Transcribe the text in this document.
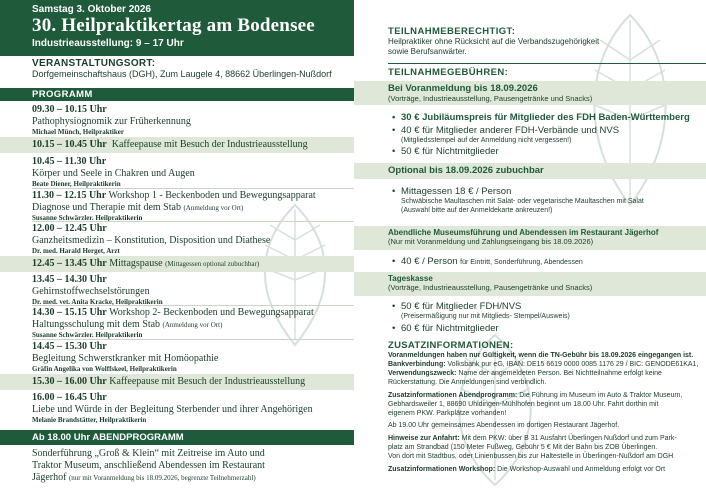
Samstag 3. Oktober 2026
30. Heilpraktikertag am Bodensee
Industrieausstellung: 9 – 17 Uhr
VERANSTALTUNGSORT:
Dorfgemeinschaftshaus (DGH), Zum Laugele 4, 88662 Überlingen-Nußdorf
PROGRAMM
09.30 – 10.15 Uhr
Pathophysiognomik zur Früherkennung
Michael Münch, Heilpraktiker
10.15 – 10.45 Uhr Kaffeepause mit Besuch der Industrieausstellung
10.45 – 11.30 Uhr
Körper und Seele in Chakren und Augen
Beate Diener, Heilpraktikerin
11.30 – 12.15 Uhr Workshop 1 - Beckenboden und Bewegungsapparat
Diagnose und Therapie mit dem Stab (Anmeldung vor Ort)
Susanne Schwärzler. Heilpraktikerin
12.00 – 12.45 Uhr
Ganzheitsmedizin – Konstitution, Disposition und Diathese
Dr. med. Harald Herget, Arzt
12.45 – 13.45 Uhr Mittagspause (Mittagessen optional zubuchbar)
13.45 – 14.30 Uhr
Gehirnstoffwechselstörungen
Dr. med. vet. Anita Kracke, Heilpraktikerin
14.30 – 15.15 Uhr Workshop 2- Beckenboden und Bewegungsapparat
Haltungsschulung mit dem Stab (Anmeldung vor Ort)
Susanne Schwärzler. Heilpraktikerin
14.45 – 15.30 Uhr
Begleitung Schwerstkranker mit Homöopathie
Gräfin Angelika von Wolffskeel, Heilpraktikerin
15.30 – 16.00 Uhr Kaffeepause mit Besuch der Industrieausstellung
16.00 – 16.45 Uhr
Liebe und Würde in der Begleitung Sterbender und ihrer Angehörigen
Melanie Brandstätter, Heilpraktikerin
Ab 18.00 Uhr ABENDPROGRAMM
Sonderführung „Groß & Klein“ mit Zeitreise im Auto und
Traktor Museum, anschließend Abendessen im Restaurant
Jägerhof (nur mit Voranmeldung bis 18.09.2026, begrenzte Teilnehmerzahl)
TEILNAHMEBERECHTIGT:
Heilpraktiker ohne Rücksicht auf die Verbandszugehörigkeit
sowie Berufsanwärter.
TEILNAHMEGEBÜHREN:
Bei Voranmeldung bis 18.09.2026
(Vorträge, Industrieausstellung, Pausengetränke und Snacks)
• 30 € Jubiläumspreis für Mitglieder des FDH Baden-Württemberg
• 40 € für Mitglieder anderer FDH-Verbände und NVS
(Mitgliedsstempel auf der Anmeldung nicht vergessen!)
• 50 € für Nichtmitglieder
Optional bis 18.09.2026 zubuchbar
• Mittagessen 18 € / Person
Schwäbische Maultaschen mit Salat- oder vegetarische Maultaschen mit Salat
(Auswahl bitte auf der Anmeldekarte ankreuzen!)
Abendliche Museumsführung und Abendessen im Restaurant Jägerhof
(Nur mit Voranmeldung und Zahlungseingang bis 18.09.2026)
• 40 € / Person für Eintritt, Sonderführung, Abendessen
Tageskasse
(Vorträge, Industrieausstellung, Pausengetränke und Snacks)
• 50 € für Mitglieder FDH/NVS
(Preisermäßigung nur mit Mitglieds- Stempel/Ausweis)
• 60 € für Nichtmitglieder
ZUSATZINFORMATIONEN:
Voranmeldungen haben nur Gültigkeit, wenn die TN-Gebühr bis 18.09.2026 eingegangen ist.
Bankverbindung: Volksbank pur eG, IBAN: DE15 6619 0000 0085 1176 29 / BIC: GENODE61KA1,
Verwendungszweck: Name der angemeldeten Person. Bei Nichtteilnahme erfolgt keine
Rückerstattung. Die Anmeldungen sind verbindlich.
Zusatzinformationen Abendprogramm: Die Führung im Museum im Auto & Traktor Museum,
Gebhardsweiler 1, 88690 Uhldingen-Mühlhofen beginnt um 18.00 Uhr. Fahrt dorthin mit
eigenem PKW. Parkplätze vorhanden!
Ab 19.00 Uhr gemeinsames Abendessen im dortigen Restaurant Jägerhof.
Hinweise zur Anfahrt: Mit dem PKW: über B 31 Ausfahrt Überlingen Nußdorf und zum Park-
platz am Strandbad (150 Meter Fußweg, Gebühr 5 € Mit der Bahn bis ZOB Überlingen.
Von dort mit Stadtbus, oder Linienbussen bis zur Haltestelle in Überlingen-Nußdorf am DGH
Zusatzinformationen Workshop: Die Workshop-Auswahl und Anmeldung erfolgt vor Ort
